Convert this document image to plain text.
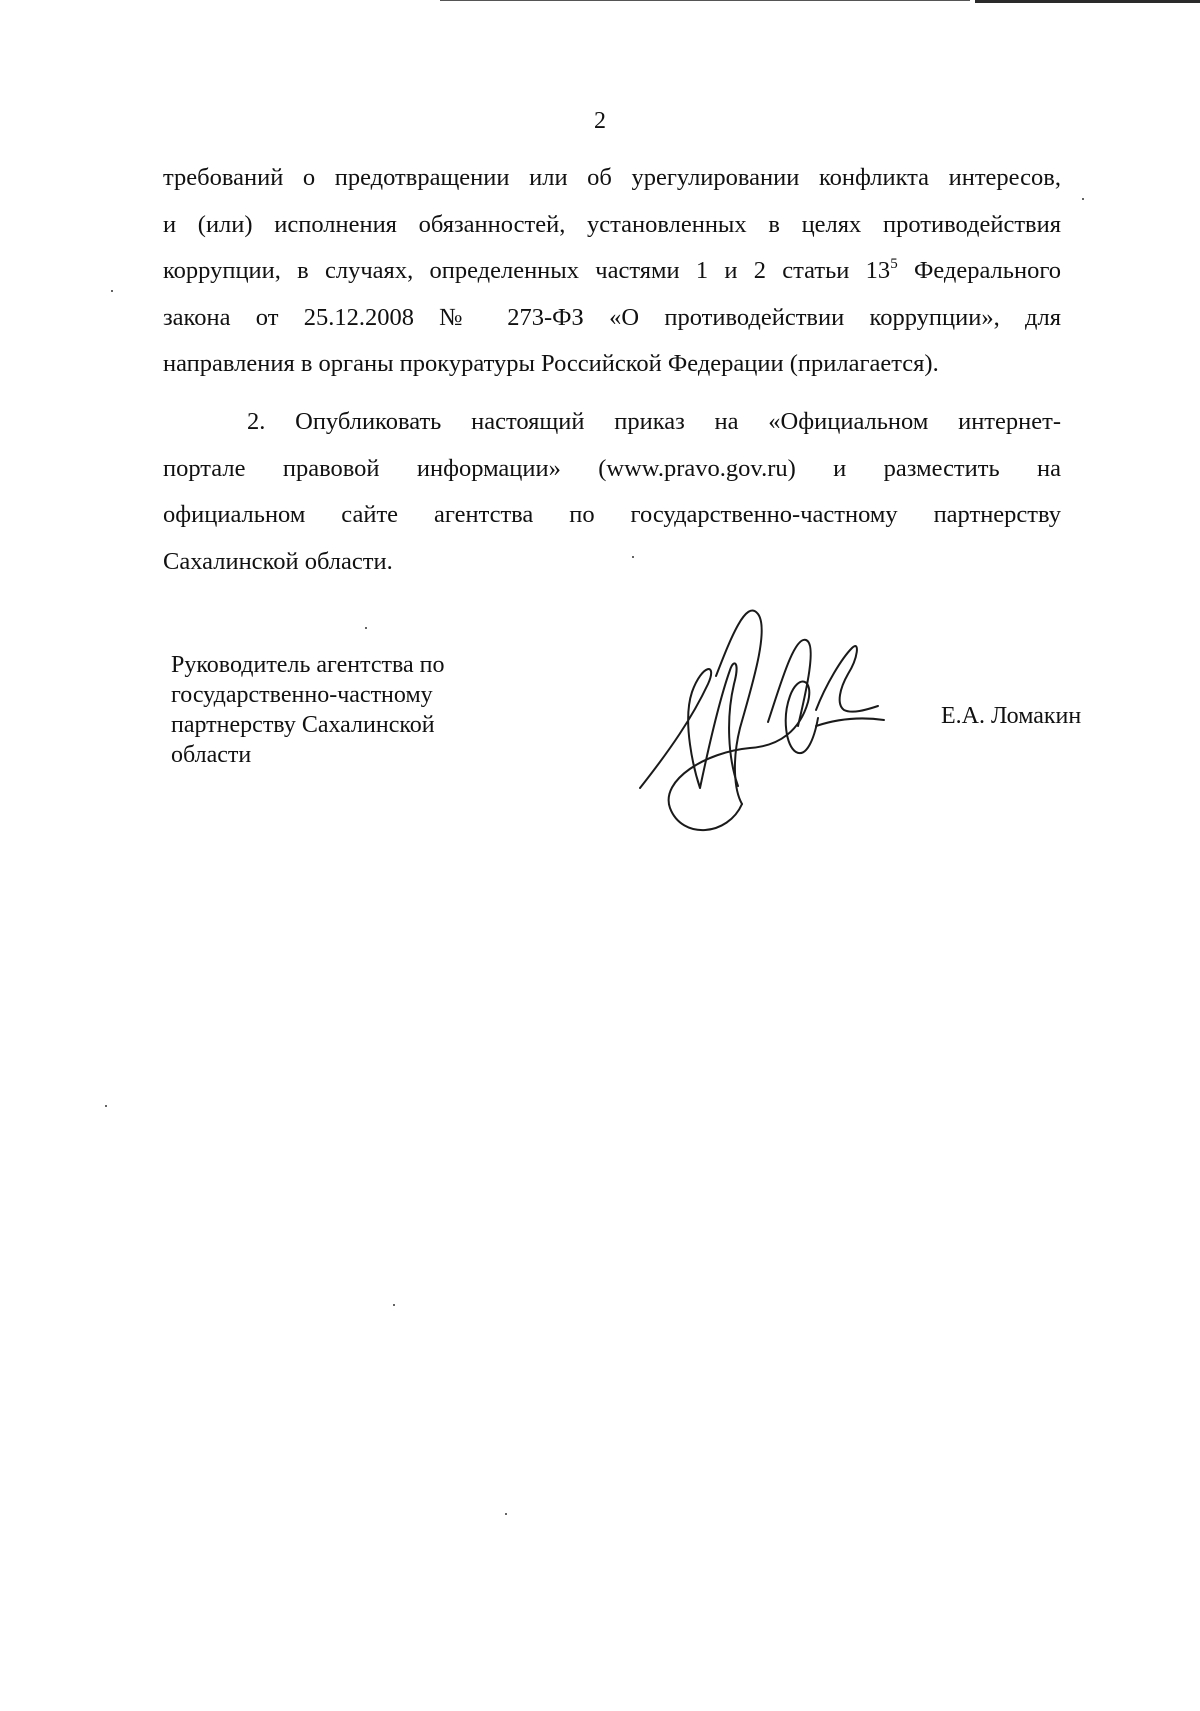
2
требований о предотвращении или об урегулировании конфликта интересов,
и (или) исполнения обязанностей, установленных в целях противодействия
коррупции, в случаях, определенных частями 1 и 2 статьи $13^5$ Федерального
закона от 25.12.2008 № 273-ФЗ «О противодействии коррупции», для
направления в органы прокуратуры Российской Федерации (прилагается).
2. Опубликовать настоящий приказ на «Официальном интернет-
портале правовой информации» (www.pravo.gov.ru) и разместить на
официальном сайте агентства по государственно-частному партнерству
Сахалинской области.
Руководитель агентства по
государственно-частному
партнерству Сахалинской
области
Е.А. Ломакин
